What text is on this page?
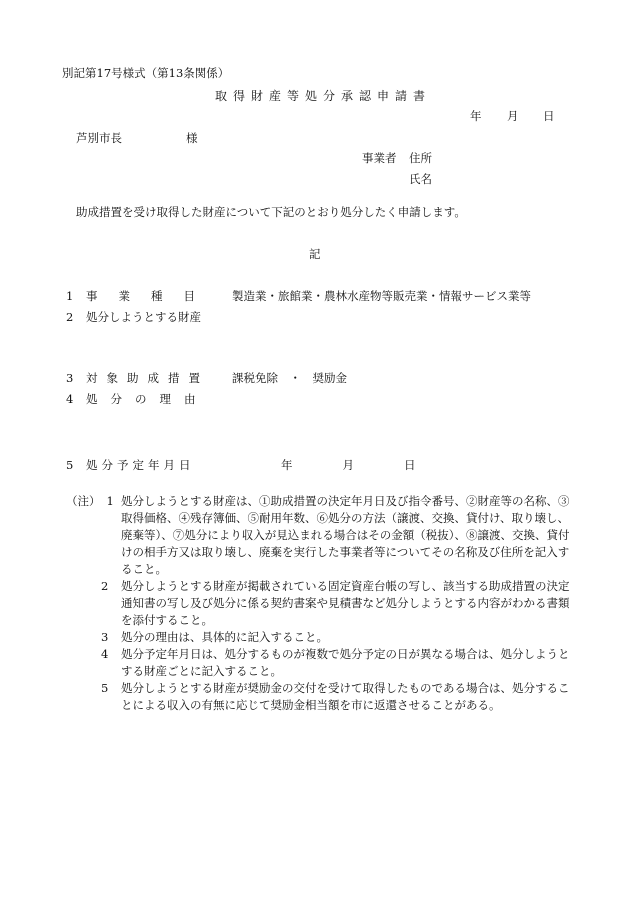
別記第17号様式（第13条関係）
取得財産等処分承認申請書
年 月 日
芦別市長	様
事業者 住所
氏名
助成措置を受け取得した財産について下記のとおり処分したく申請します。
記
1 事業種目 製造業・旅館業・農林水産物等販売業・情報サービス業等
2 処分しようとする財産
3 対象助成措置 課税免除　・　奨励金
4 処分の理由
5 処分予定年月日	年　　月　　日
（注） 1 処分しようとする財産は、①助成措置の決定年月日及び指令番号、②財産等の名称、③取得価格、④残存簿価、⑤耐用年数、⑥処分の方法（譲渡、交換、貸付け、取り壊し、廃棄等）、⑦処分により収入が見込まれる場合はその金額（税抜）、⑧譲渡、交換、貸付けの相手方又は取り壊し、廃棄を実行した事業者等についてその名称及び住所を記入すること。
2	処分しようとする財産が掲載されている固定資産台帳の写し、該当する助成措置の決定通知書の写し及び処分に係る契約書案や見積書など処分しようとする内容がわかる書類を添付すること。
3	処分の理由は、具体的に記入すること。
4	処分予定年月日は、処分するものが複数で処分予定の日が異なる場合は、処分しようとする財産ごとに記入すること。
5	処分しようとする財産が奨励金の交付を受けて取得したものである場合は、処分することによる収入の有無に応じて奨励金相当額を市に返還させることがある。
